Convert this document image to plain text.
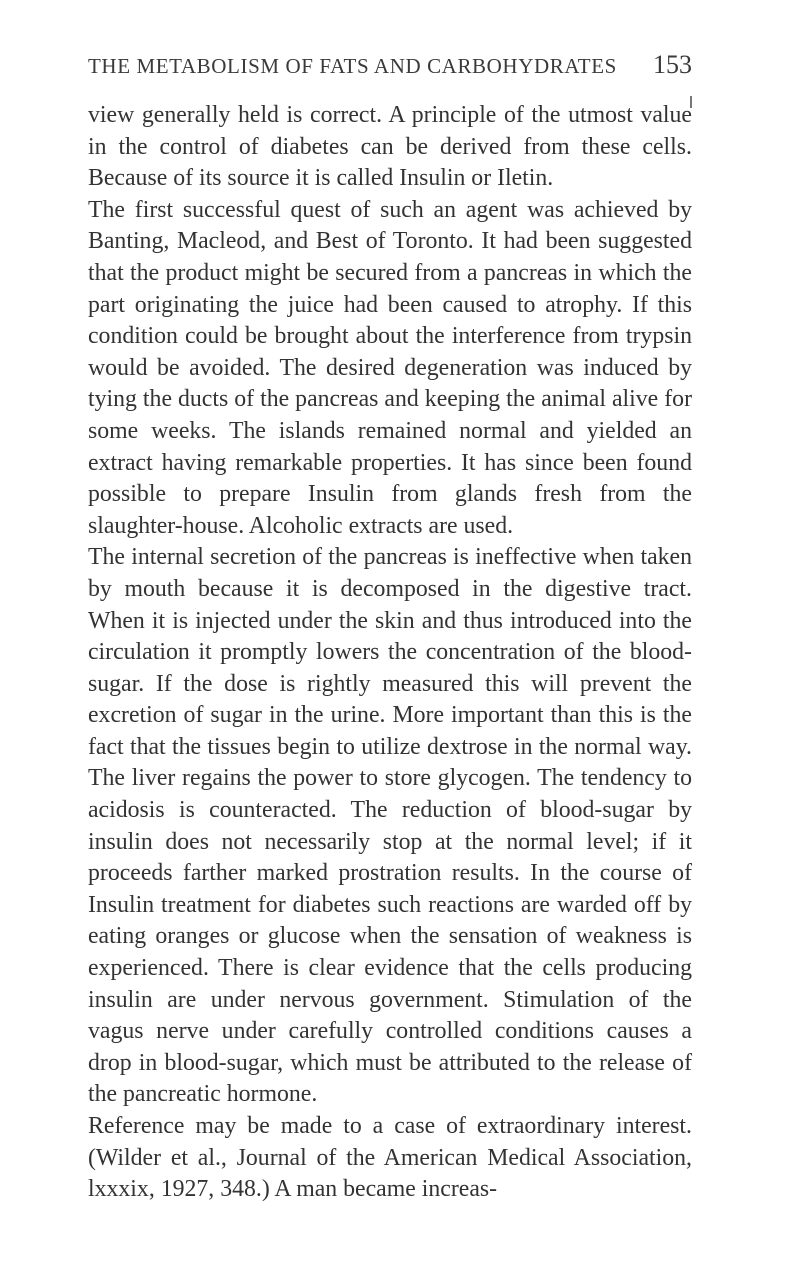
THE METABOLISM OF FATS AND CARBOHYDRATES 153

view generally held is correct. A principle of the utmost value in the control of diabetes can be derived from these cells. Because of its source it is called Insulin or Iletin.

The first successful quest of such an agent was achieved by Banting, Macleod, and Best of Toronto. It had been suggested that the product might be secured from a pancreas in which the part originating the juice had been caused to atrophy. If this condition could be brought about the interference from trypsin would be avoided. The desired degeneration was induced by tying the ducts of the pancreas and keeping the animal alive for some weeks. The islands remained normal and yielded an extract having remarkable properties. It has since been found possible to prepare Insulin from glands fresh from the slaughter-house. Alcoholic extracts are used.

The internal secretion of the pancreas is ineffective when taken by mouth because it is decomposed in the digestive tract. When it is injected under the skin and thus introduced into the circulation it promptly lowers the concentration of the blood-sugar. If the dose is rightly measured this will prevent the excretion of sugar in the urine. More important than this is the fact that the tissues begin to utilize dextrose in the normal way. The liver regains the power to store glycogen. The tendency to acidosis is counteracted. The reduction of blood-sugar by insulin does not necessarily stop at the normal level; if it proceeds farther marked prostration results. In the course of Insulin treatment for diabetes such reactions are warded off by eating oranges or glucose when the sensation of weakness is experienced. There is clear evidence that the cells producing insulin are under nervous government. Stimulation of the vagus nerve under carefully controlled conditions causes a drop in blood-sugar, which must be attributed to the release of the pancreatic hormone.

Reference may be made to a case of extraordinary interest. (Wilder et al., Journal of the American Medical Association, lxxxix, 1927, 348.) A man became increas-
